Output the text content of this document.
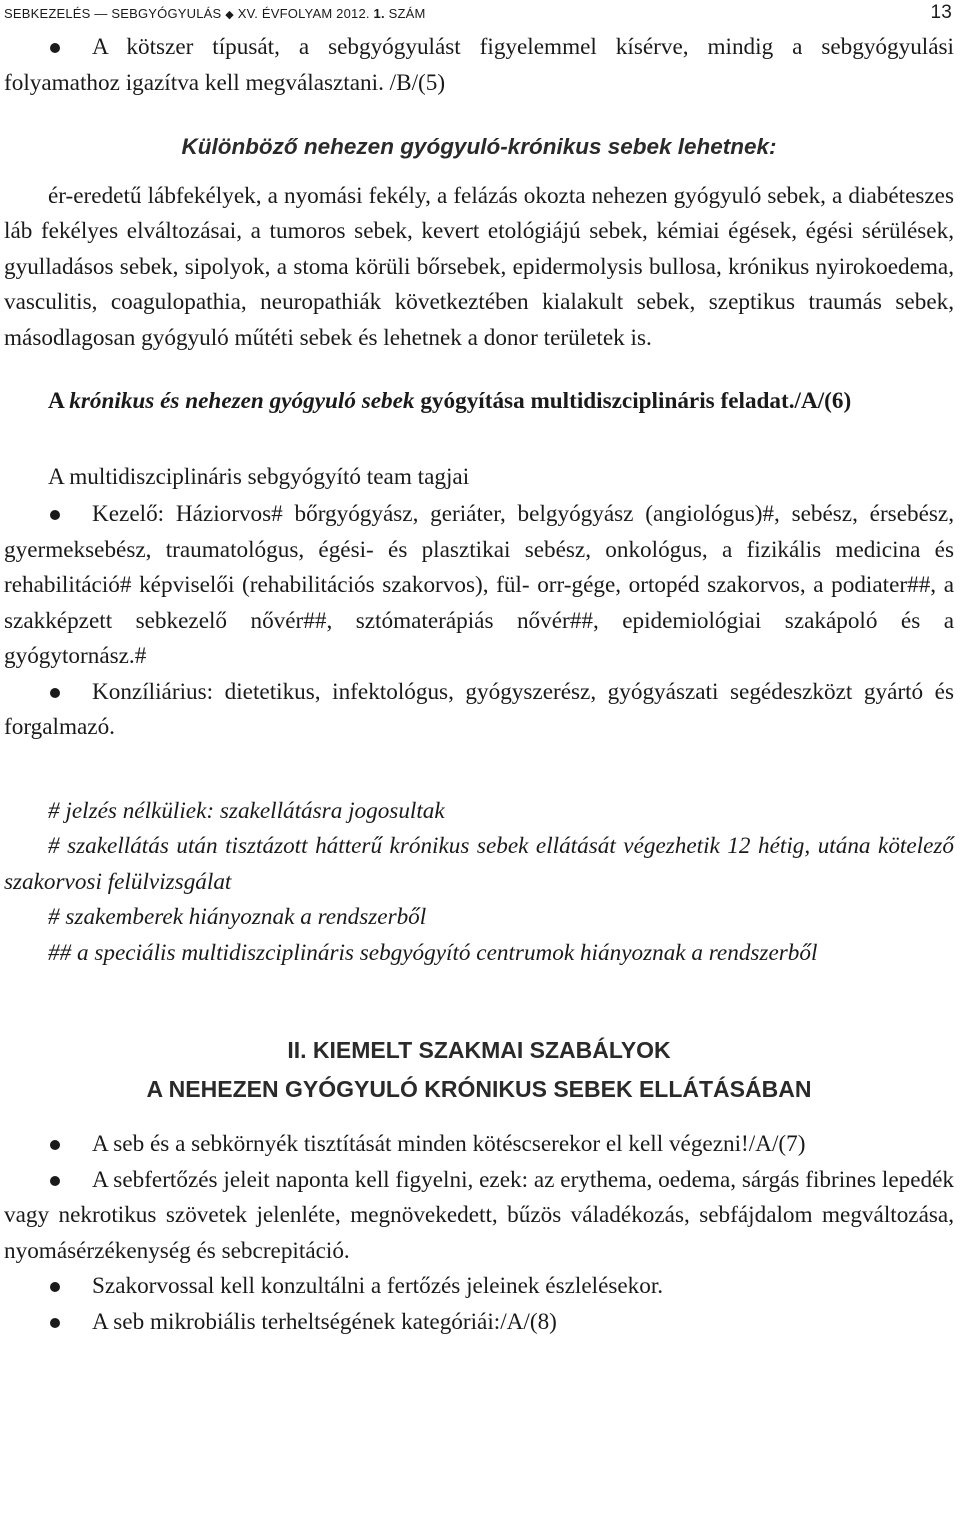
SEBKEZELÉS — SEBGYÓGYULÁS ◆ XV. ÉVFOLYAM 2012. 1. SZÁM	13

A kötszer típusát, a sebgyógyulást figyelemmel kísérve, mindig a sebgyógyulási folyamathoz igazítva kell megválasztani. /B/(5)

Különböző nehezen gyógyuló-krónikus sebek lehetnek:

ér-eredetű lábfekélyek, a nyomási fekély, a felázás okozta nehezen gyógyuló sebek, a diabéteszes láb fekélyes elváltozásai, a tumoros sebek, kevert etológiájú sebek, kémiai égések, égési sérülések, gyulladásos sebek, sipolyok, a stoma körüli bőrsebek, epidermolysis bullosa, krónikus nyirokoedema, vasculitis, coagulopathia, neuropathiák következtében kialakult sebek, szeptikus traumás sebek, másodlagosan gyógyuló műtéti sebek és lehetnek a donor területek is.

A krónikus és nehezen gyógyuló sebek gyógyítása multidiszciplináris feladat./A/(6)

A multidiszciplináris sebgyógyító team tagjai

Kezelő: Háziorvos# bőrgyógyász, geriáter, belgyógyász (angiológus)#, sebész, érsebész, gyermeksebész, traumatológus, égési- és plasztikai sebész, onkológus, a fizikális medicina és rehabilitáció# képviselői (rehabilitációs szakorvos), fül- orr-gége, ortopéd szakorvos, a podiater##, a szakképzett sebkezelő nővér##, sztómaterápiás nővér##, epidemiológiai szakápoló és a gyógytornász.#

Konzíliárius: dietetikus, infektológus, gyógyszerész, gyógyászati segédeszközt gyártó és forgalmazó.

# jelzés nélküliek: szakellátásra jogosultak

# szakellátás után tisztázott hátterű krónikus sebek ellátását végezhetik 12 hétig, utána kötelező szakorvosi felülvizsgálat

# szakemberek hiányoznak a rendszerből

## a speciális multidiszciplináris sebgyógyító centrumok hiányoznak a rendszerből

II. KIEMELT SZAKMAI SZABÁLYOK

A NEHEZEN GYÓGYULÓ KRÓNIKUS SEBEK ELLÁTÁSÁBAN

A seb és a sebkörnyék tisztítását minden kötéscserekor el kell végezni!/A/(7)

A sebfertőzés jeleit naponta kell figyelni, ezek: az erythema, oedema, sárgás fibrines lepedék vagy nekrotikus szövetek jelenléte, megnövekedett, bűzös váladékozás, sebfájdalom megváltozása, nyomásérzékenység és sebcrepitáció.

Szakorvossal kell konzultálni a fertőzés jeleinek észlelésekor.

A seb mikrobiális terheltségének kategóriái:/A/(8)
